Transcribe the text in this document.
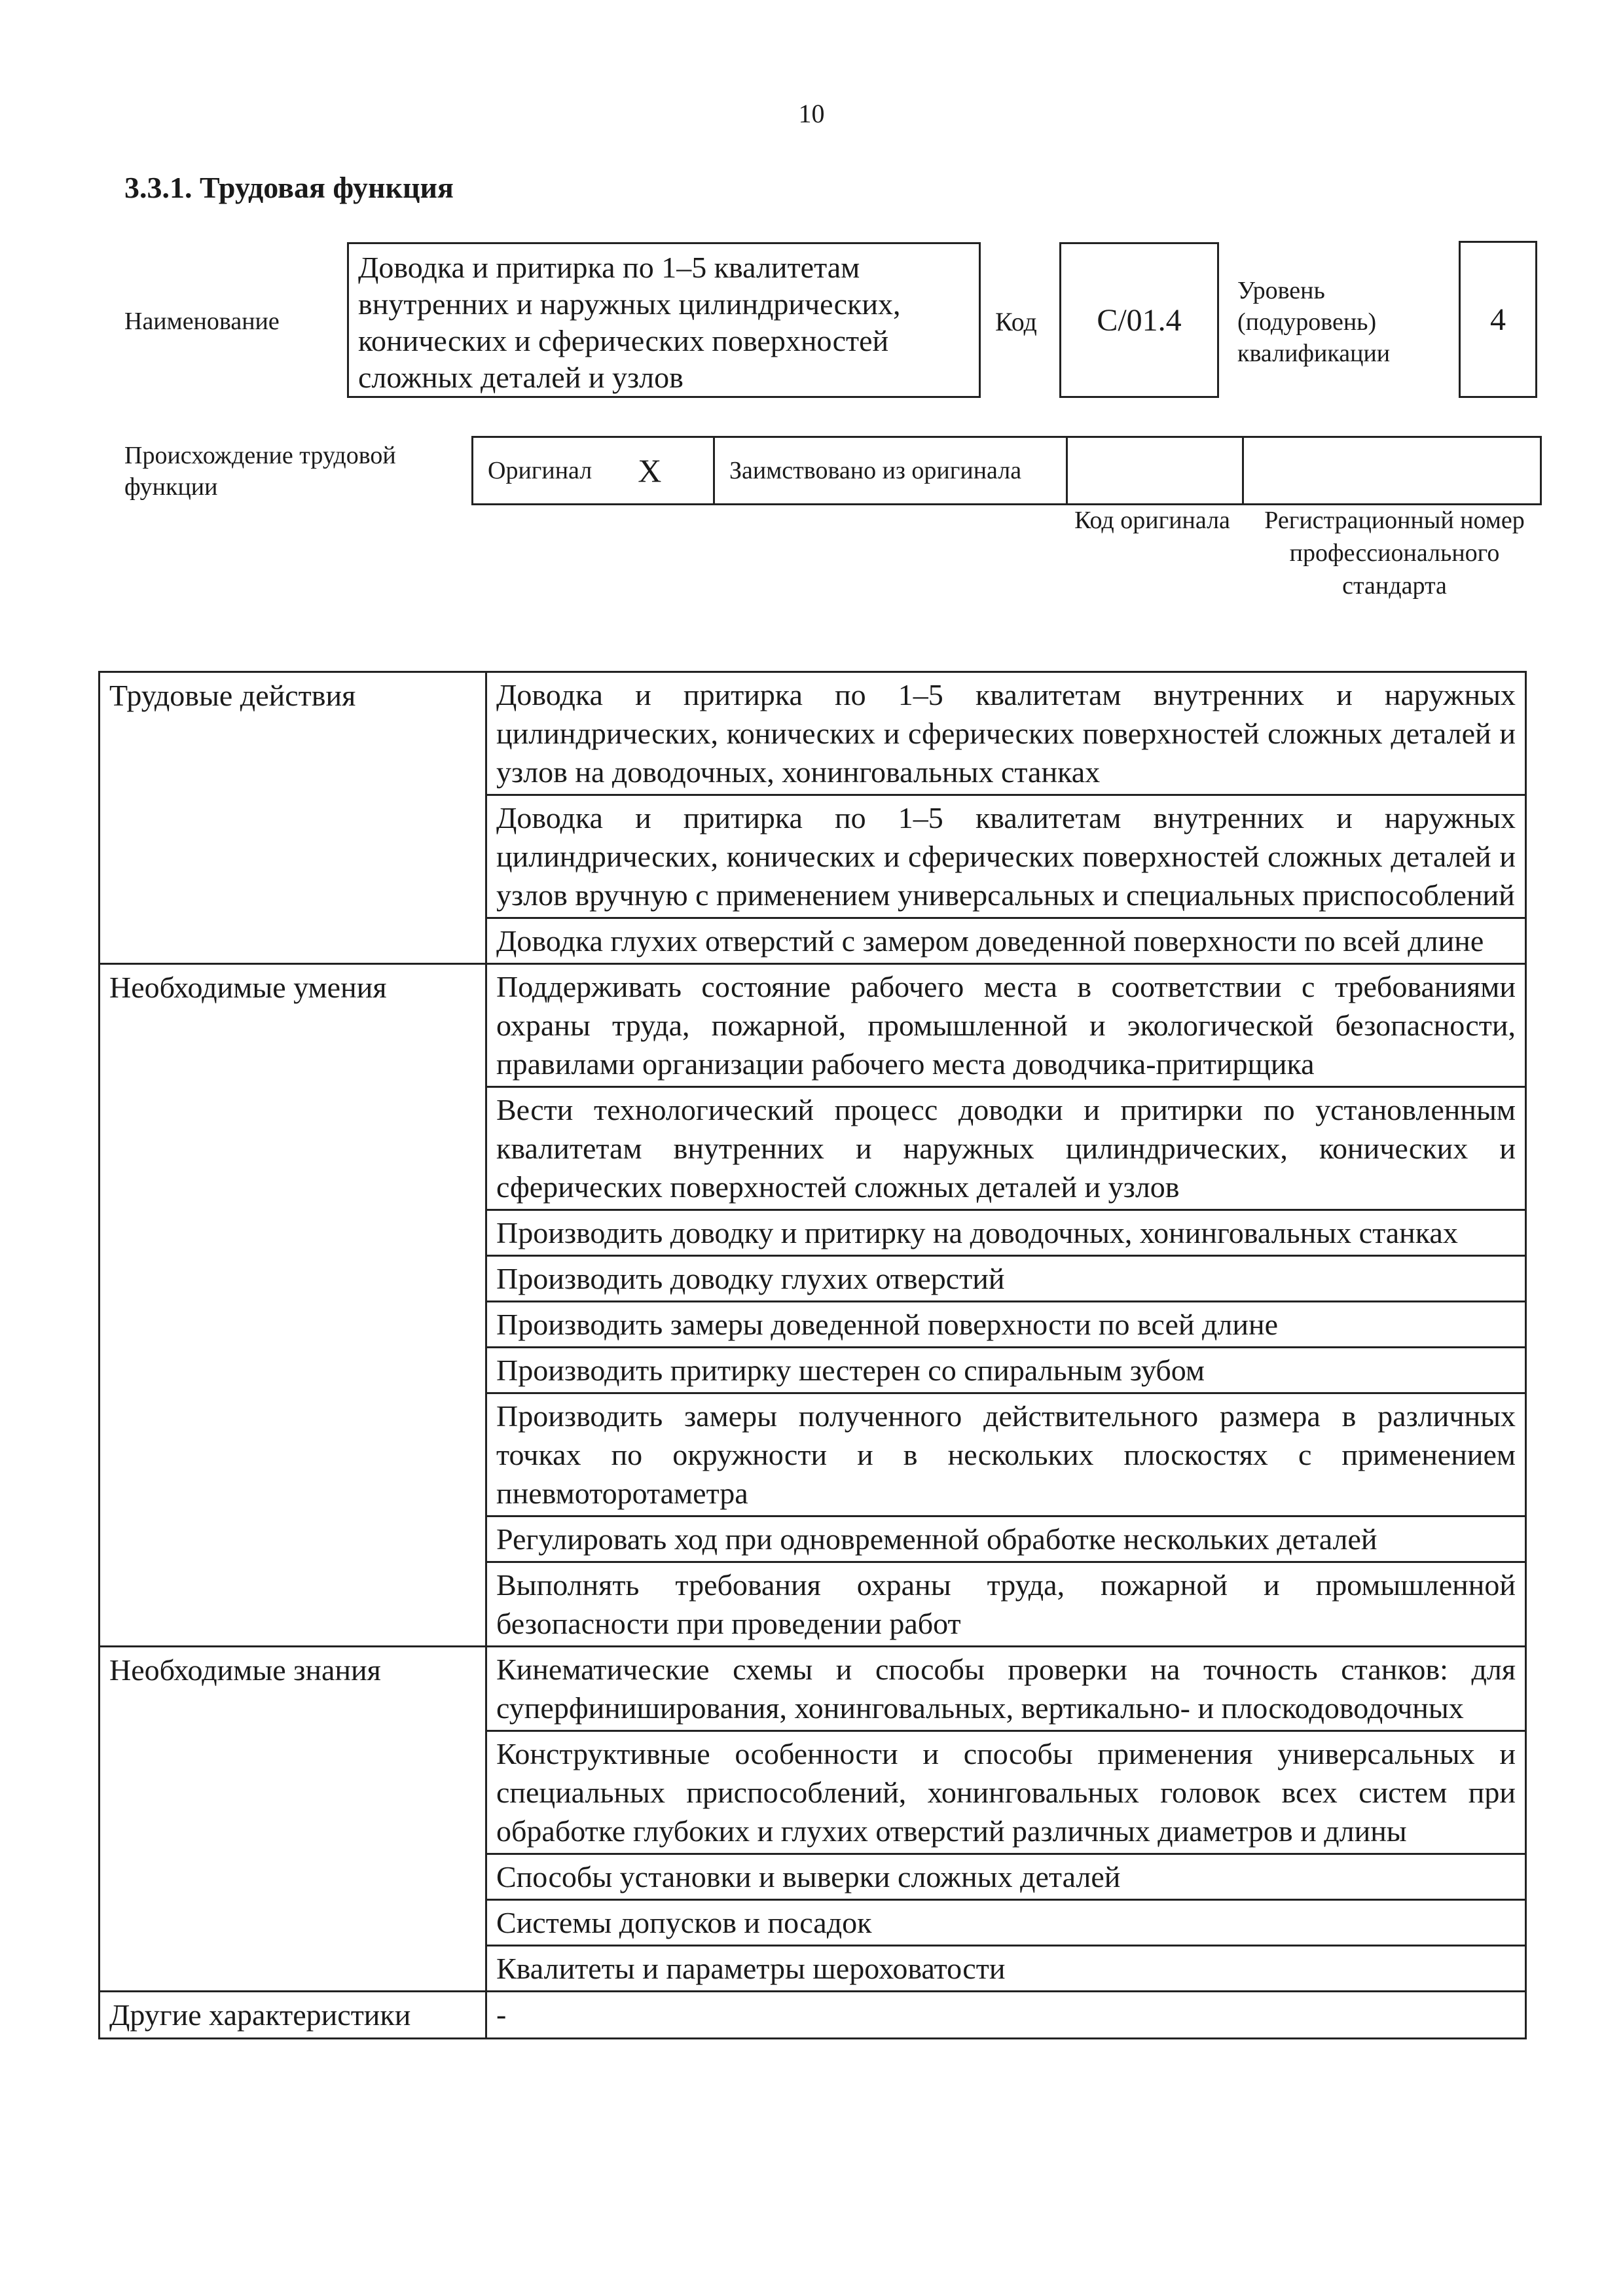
10
3.3.1. Трудовая функция
Наименование
Доводка и притирка по 1–5 квалитетам внутренних и наружных цилиндрических, конических и сферических поверхностей сложных деталей и узлов
Код	C/01.4
Уровень (подуровень) квалификации
4
Происхождение трудовой функции
Оригинал X	Заимствовано из оригинала
Код оригинала	Регистрационный номер профессионального стандарта
Трудовые действия	Доводка и притирка по 1–5 квалитетам внутренних и наружных цилиндрических, конических и сферических поверхностей сложных деталей и узлов на доводочных, хонинговальных станках
	Доводка и притирка по 1–5 квалитетам внутренних и наружных цилиндрических, конических и сферических поверхностей сложных деталей и узлов вручную с применением универсальных и специальных приспособлений
	Доводка глухих отверстий с замером доведенной поверхности по всей длине
Необходимые умения	Поддерживать состояние рабочего места в соответствии с требованиями охраны труда, пожарной, промышленной и экологической безопасности, правилами организации рабочего места доводчика-притирщика
	Вести технологический процесс доводки и притирки по установленным квалитетам внутренних и наружных цилиндрических, конических и сферических поверхностей сложных деталей и узлов
	Производить доводку и притирку на доводочных, хонинговальных станках
	Производить доводку глухих отверстий
	Производить замеры доведенной поверхности по всей длине
	Производить притирку шестерен со спиральным зубом
	Производить замеры полученного действительного размера в различных точках по окружности и в нескольких плоскостях с применением пневмоторотаметра
	Регулировать ход при одновременной обработке нескольких деталей
	Выполнять требования охраны труда, пожарной и промышленной безопасности при проведении работ
Необходимые знания	Кинематические схемы и способы проверки на точность станков: для суперфиниширования, хонинговальных, вертикально- и плоскодоводочных
	Конструктивные особенности и способы применения универсальных и специальных приспособлений, хонинговальных головок всех систем при обработке глубоких и глухих отверстий различных диаметров и длины
	Способы установки и выверки сложных деталей
	Системы допусков и посадок
	Квалитеты и параметры шероховатости
Другие характеристики	-
